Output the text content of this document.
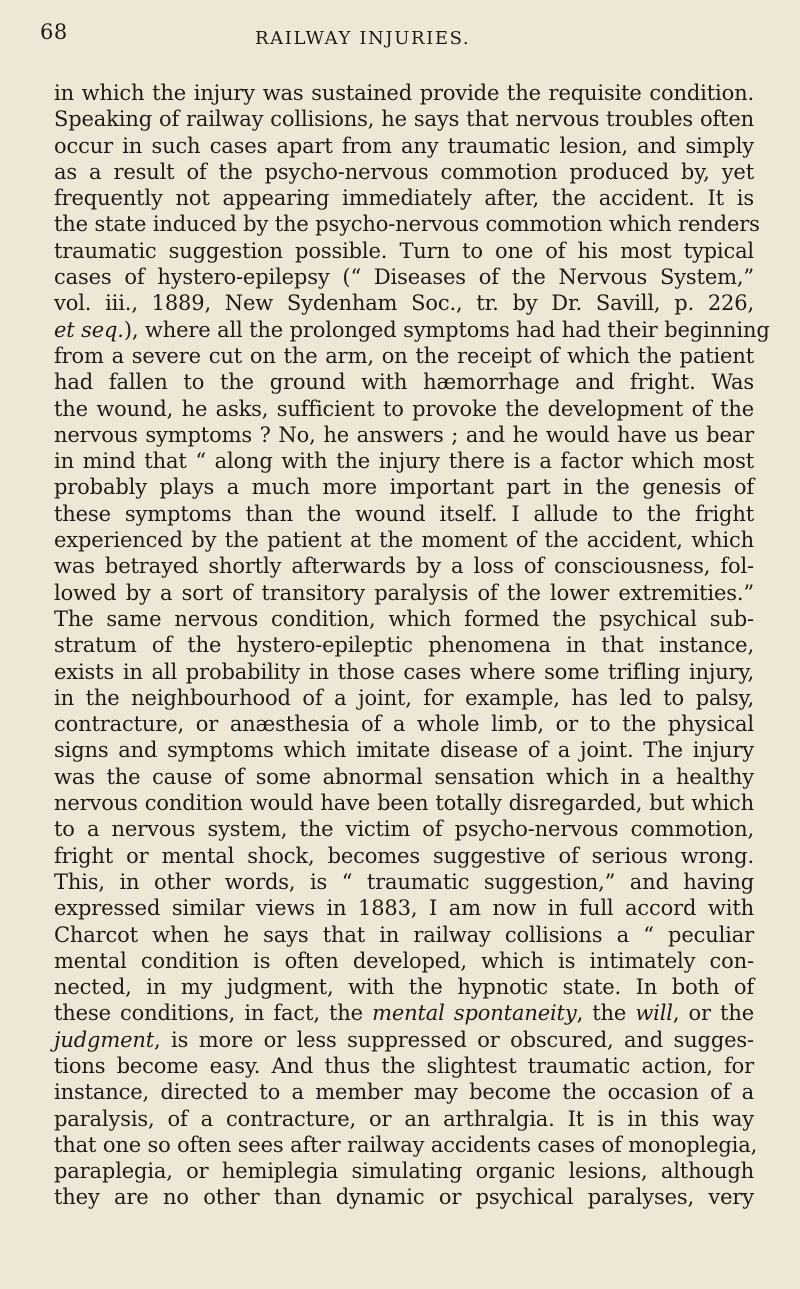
68	RAILWAY INJURIES.
in which the injury was sustained provide the requisite condition.
Speaking of railway collisions, he says that nervous troubles often
occur in such cases apart from any traumatic lesion, and simply
as a result of the psycho-nervous commotion produced by, yet
frequently not appearing immediately after, the accident. It is
the state induced by the psycho-nervous commotion which renders
traumatic suggestion possible. Turn to one of his most typical
cases of hystero-epilepsy (“ Diseases of the Nervous System,”
vol. iii., 1889, New Sydenham Soc., tr. by Dr. Savill, p. 226,
et seq.), where all the prolonged symptoms had had their beginning
from a severe cut on the arm, on the receipt of which the patient
had fallen to the ground with hæmorrhage and fright. Was
the wound, he asks, sufficient to provoke the development of the
nervous symptoms ? No, he answers ; and he would have us bear
in mind that “ along with the injury there is a factor which most
probably plays a much more important part in the genesis of
these symptoms than the wound itself. I allude to the fright
experienced by the patient at the moment of the accident, which
was betrayed shortly afterwards by a loss of consciousness, fol-
lowed by a sort of transitory paralysis of the lower extremities.”
The same nervous condition, which formed the psychical sub-
stratum of the hystero-epileptic phenomena in that instance,
exists in all probability in those cases where some trifling injury,
in the neighbourhood of a joint, for example, has led to palsy,
contracture, or anæsthesia of a whole limb, or to the physical
signs and symptoms which imitate disease of a joint. The injury
was the cause of some abnormal sensation which in a healthy
nervous condition would have been totally disregarded, but which
to a nervous system, the victim of psycho-nervous commotion,
fright or mental shock, becomes suggestive of serious wrong.
This, in other words, is “ traumatic suggestion,” and having
expressed similar views in 1883, I am now in full accord with
Charcot when he says that in railway collisions a “ peculiar
mental condition is often developed, which is intimately con-
nected, in my judgment, with the hypnotic state. In both of
these conditions, in fact, the mental spontaneity, the will, or the
judgment, is more or less suppressed or obscured, and sugges-
tions become easy. And thus the slightest traumatic action, for
instance, directed to a member may become the occasion of a
paralysis, of a contracture, or an arthralgia. It is in this way
that one so often sees after railway accidents cases of monoplegia,
paraplegia, or hemiplegia simulating organic lesions, although
they are no other than dynamic or psychical paralyses, very
